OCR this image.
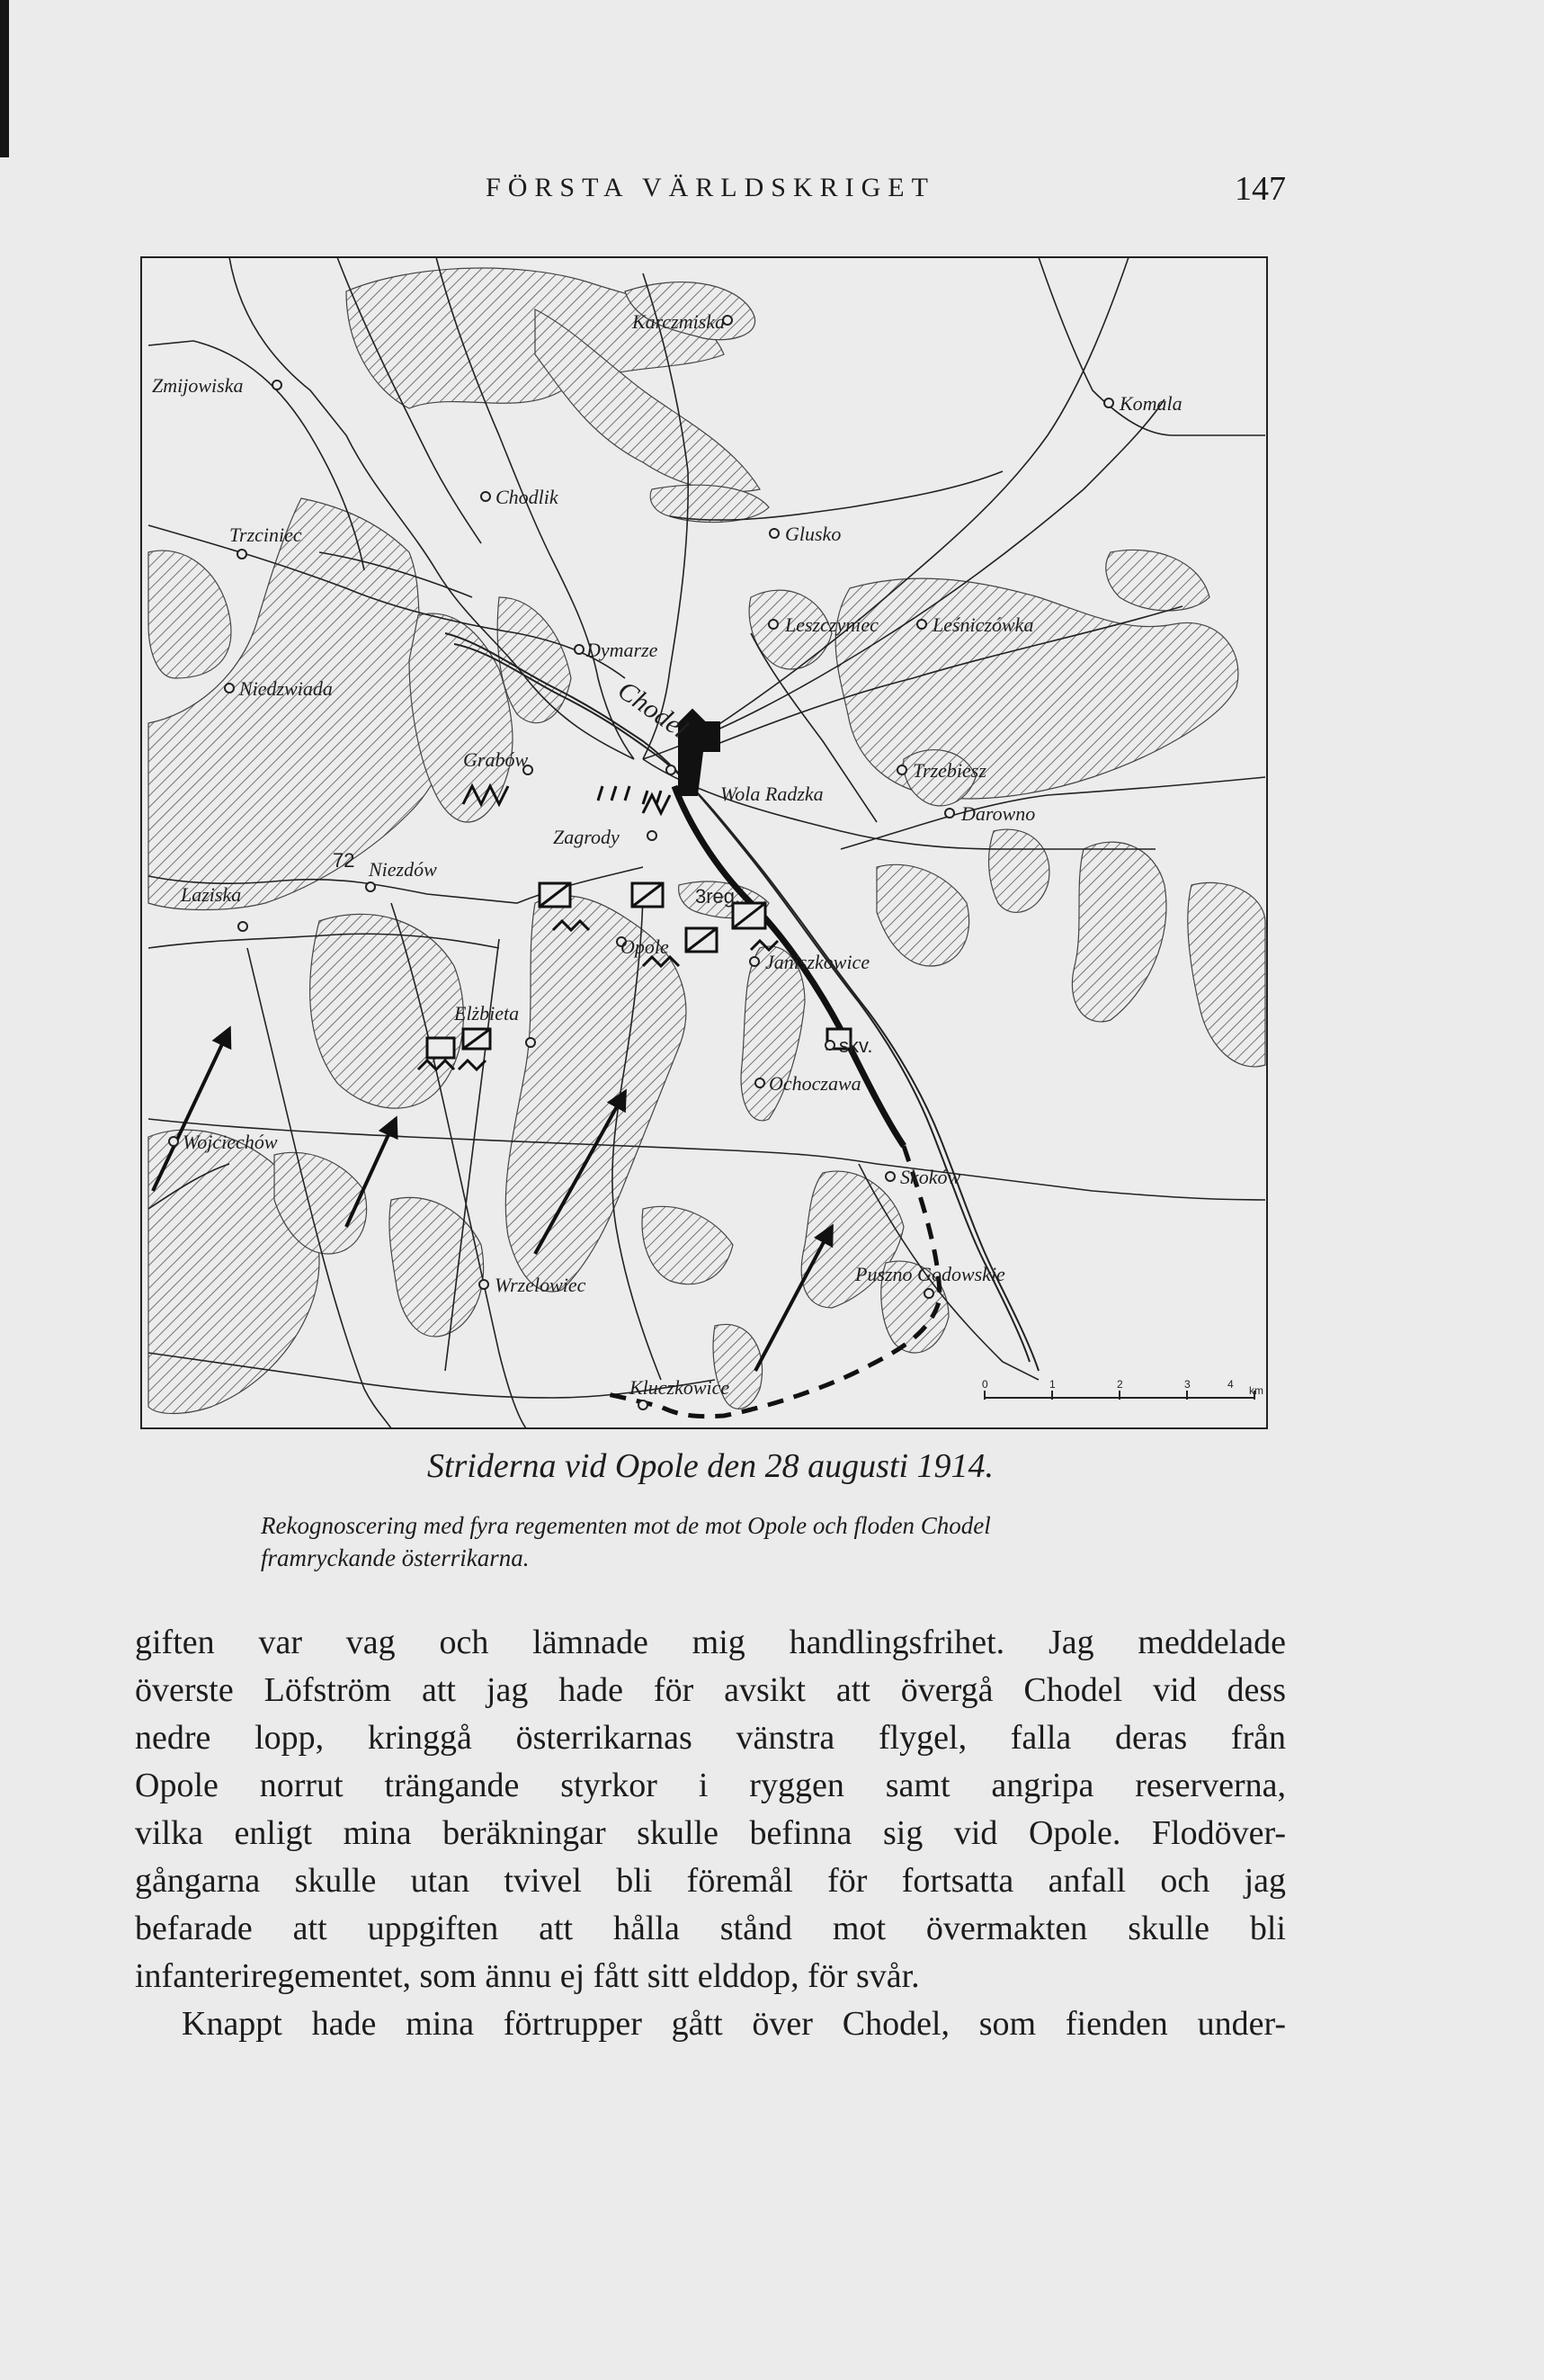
FÖRSTA VÄRLDSKRIGET	147
0	1	2	3	4 km
Karczmiska
Zmijowiska
Komala
Chodlik
Glusko
Trzciniec
Leszczyniec	Leśniczówka
Dymarze
Niedzwiada	Chodel
Grabów	Trzebiesz
Wola Radzka
Darowno
Zagrody
72 Niezdów
Laziska	3reg.
Opole
Janiszkowice
Elżbieta
skv.
Ochoczawa
Wojciechów
Skoków
Wrzelowiec	Puszno Godowskie
Kluczkowice
Striderna vid Opole den 28 augusti 1914.
Rekognoscering med fyra regementen mot de mot Opole och floden Chodel
framryckande österrikarna.

giften var vag och lämnade mig handlingsfrihet. Jag meddelade

överste Löfström att jag hade för avsikt att övergå Chodel vid dess

nedre lopp, kringgå österrikarnas vänstra flygel, falla deras från

Opole norrut trängande styrkor i ryggen samt angripa reserverna,

vilka enligt mina beräkningar skulle befinna sig vid Opole. Flodöver-

gångarna skulle utan tvivel bli föremål för fortsatta anfall och jag

befarade att uppgiften att hålla stånd mot övermakten skulle bli

infanteriregementet, som ännu ej fått sitt elddop, för svår.

Knappt hade mina förtrupper gått över Chodel, som fienden under-
